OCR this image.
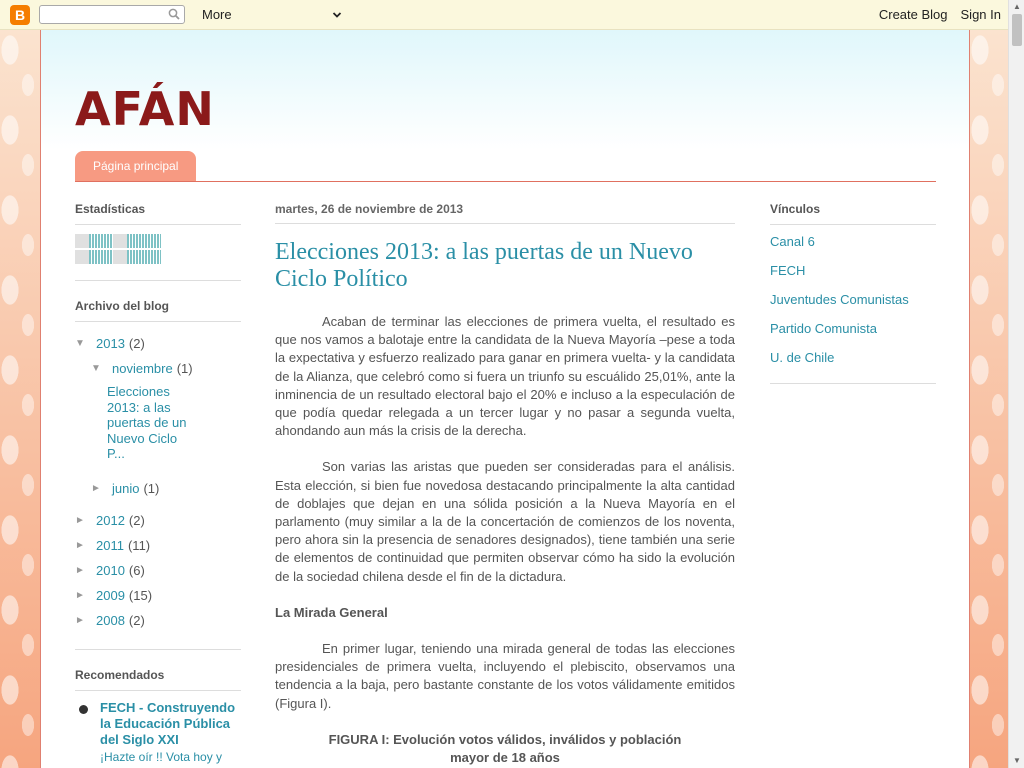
B	More	Create Blog Sign In
AFÁN
Página principal
Estadísticas
Archivo del blog
▼ 2013 (2)
▼ noviembre (1)
Elecciones 2013: a las puertas de un Nuevo Ciclo P...
► junio (1)
► 2012 (2)
► 2011 (11)
► 2010 (6)
► 2009 (15)
► 2008 (2)
Recomendados
FECH - Construyendo la Educación Pública del Siglo XXI
¡Hazte oír !! Vota hoy y
martes, 26 de noviembre de 2013
Elecciones 2013: a las puertas de un Nuevo Ciclo Político

Acaban de terminar las elecciones de primera vuelta, el resultado es que nos vamos a balotaje entre la candidata de la Nueva Mayoría –pese a toda la expectativa y esfuerzo realizado para ganar en primera vuelta- y la candidata de la Alianza, que celebró como si fuera un triunfo su escuálido 25,01%, ante la inminencia de un resultado electoral bajo el 20% e incluso a la especulación de que podía quedar relegada a un tercer lugar y no pasar a segunda vuelta, ahondando aun más la crisis de la derecha.

Son varias las aristas que pueden ser consideradas para el análisis. Esta elección, si bien fue novedosa destacando principalmente la alta cantidad de doblajes que dejan en una sólida posición a la Nueva Mayoría en el parlamento (muy similar a la de la concertación de comienzos de los noventa, pero ahora sin la presencia de senadores designados), tiene también una serie de elementos de continuidad que permiten observar cómo ha sido la evolución de la sociedad chilena desde el fin de la dictadura.

La Mirada General

En primer lugar, teniendo una mirada general de todas las elecciones presidenciales de primera vuelta, incluyendo el plebiscito, observamos una tendencia a la baja, pero bastante constante de los votos válidamente emitidos (Figura I).

FIGURA I: Evolución votos válidos, inválidos y población
mayor de 18 años
Vínculos
Canal 6
FECH
Juventudes Comunistas
Partido Comunista
U. de Chile
▲
▼
